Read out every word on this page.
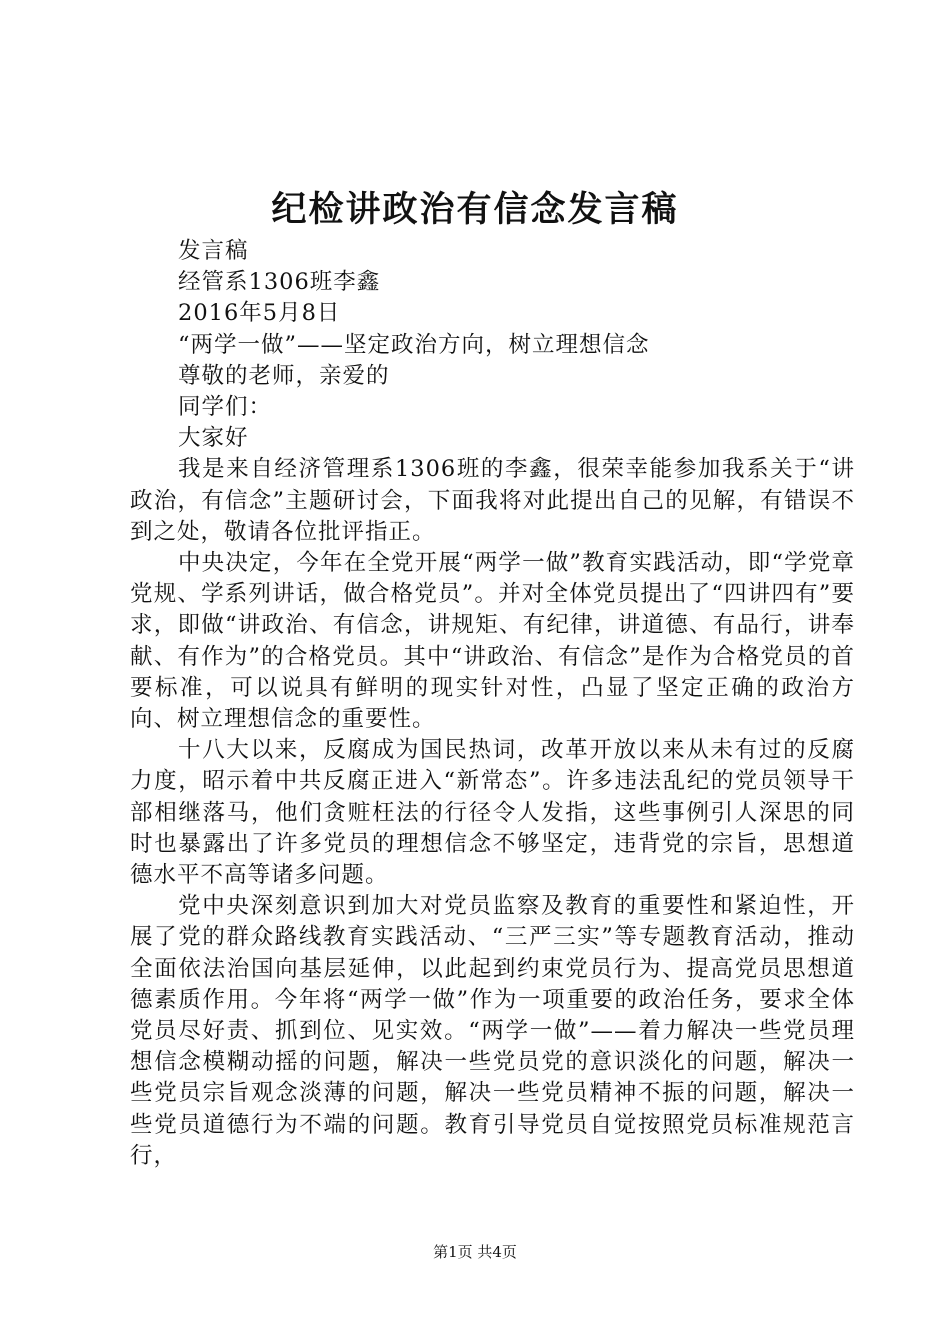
纪检讲政治有信念发言稿

发言稿

经管系1306班李鑫

2016年5月8日

“两学一做”——坚定政治方向，树立理想信念

尊敬的老师，亲爱的

同学们：

大家好

我是来自经济管理系1306班的李鑫，很荣幸能参加我系关于“讲政治，有信念”主题研讨会，下面我将对此提出自己的见解，有错误不到之处，敬请各位批评指正。

中央决定，今年在全党开展“两学一做”教育实践活动，即“学党章党规、学系列讲话，做合格党员”。并对全体党员提出了“四讲四有”要求，即做“讲政治、有信念，讲规矩、有纪律，讲道德、有品行，讲奉献、有作为”的合格党员。其中“讲政治、有信念”是作为合格党员的首要标准，可以说具有鲜明的现实针对性，凸显了坚定正确的政治方向、树立理想信念的重要性。

十八大以来，反腐成为国民热词，改革开放以来从未有过的反腐力度，昭示着中共反腐正进入“新常态”。许多违法乱纪的党员领导干部相继落马，他们贪赃枉法的行径令人发指，这些事例引人深思的同时也暴露出了许多党员的理想信念不够坚定，违背党的宗旨，思想道德水平不高等诸多问题。

党中央深刻意识到加大对党员监察及教育的重要性和紧迫性，开展了党的群众路线教育实践活动、“三严三实”等专题教育活动，推动全面依法治国向基层延伸，以此起到约束党员行为、提高党员思想道德素质作用。今年将“两学一做”作为一项重要的政治任务，要求全体党员尽好责、抓到位、见实效。“两学一做”——着力解决一些党员理想信念模糊动摇的问题，解决一些党员党的意识淡化的问题，解决一些党员宗旨观念淡薄的问题，解决一些党员精神不振的问题，解决一些党员道德行为不端的问题。教育引导党员自觉按照党员标准规范言行，

第1页 共4页
